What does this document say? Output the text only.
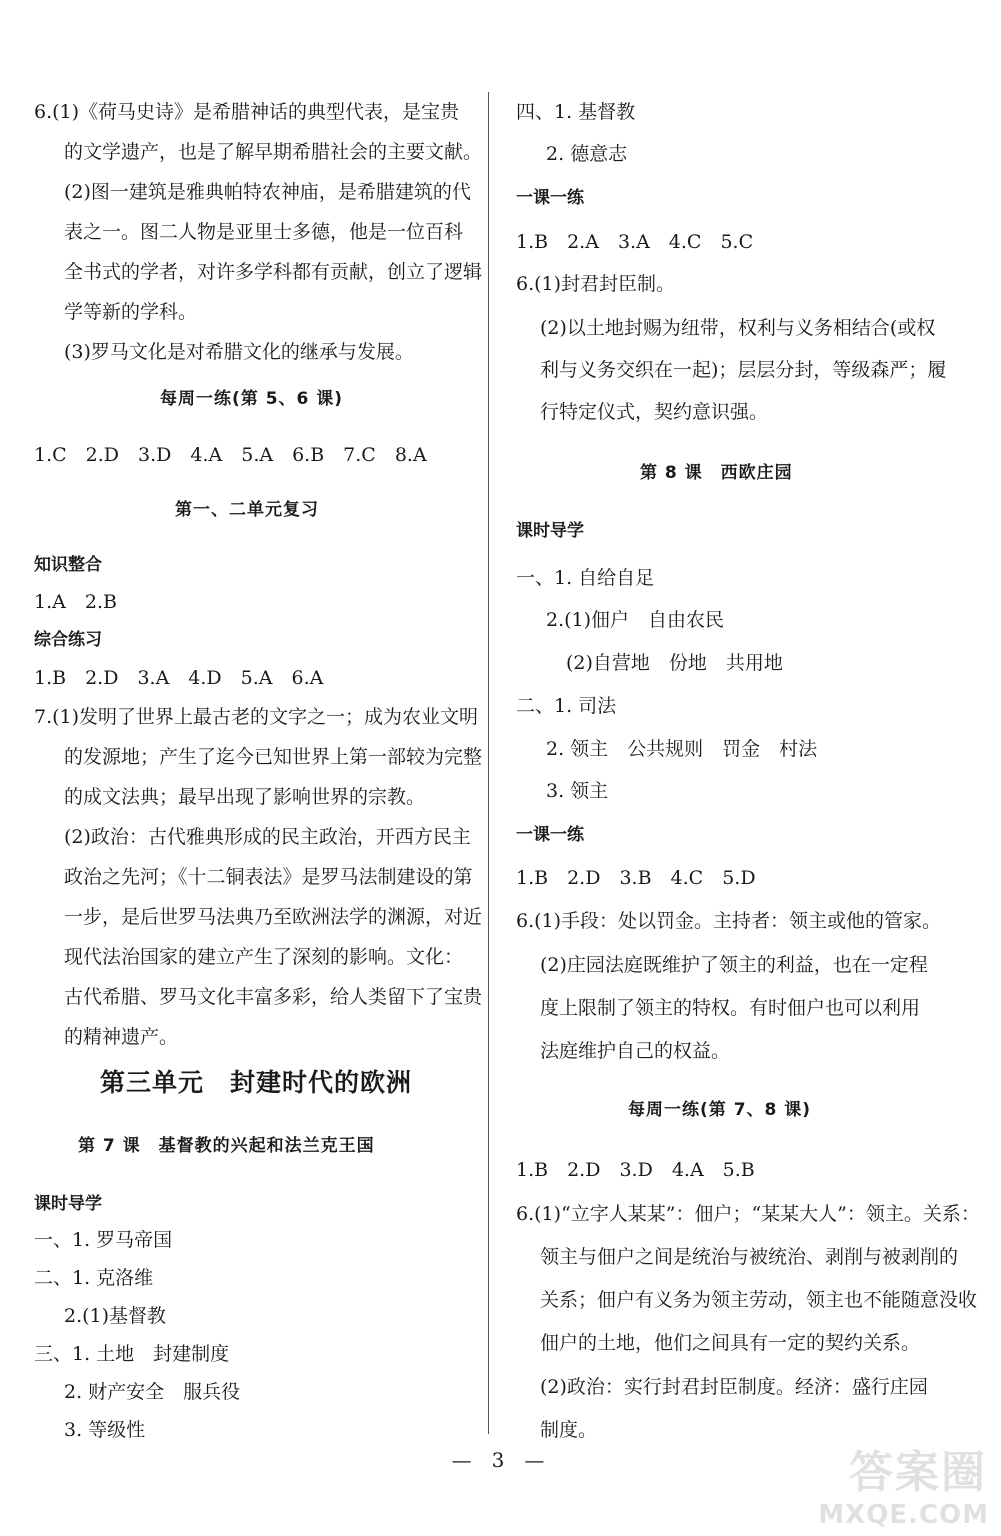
6.(1)《荷马史诗》是希腊神话的典型代表，是宝贵
的文学遗产，也是了解早期希腊社会的主要文献。
(2)图一建筑是雅典帕特农神庙，是希腊建筑的代
表之一。图二人物是亚里士多德，他是一位百科
全书式的学者，对许多学科都有贡献，创立了逻辑
学等新的学科。
(3)罗马文化是对希腊文化的继承与发展。
每周一练(第 5、6 课)
1.C　2.D　3.D　4.A　5.A　6.B　7.C　8.A
第一、二单元复习
知识整合
1.A　2.B
综合练习
1.B　2.D　3.A　4.D　5.A　6.A
7.(1)发明了世界上最古老的文字之一；成为农业文明
的发源地；产生了迄今已知世界上第一部较为完整
的成文法典；最早出现了影响世界的宗教。
(2)政治：古代雅典形成的民主政治，开西方民主
政治之先河；《十二铜表法》是罗马法制建设的第
一步，是后世罗马法典乃至欧洲法学的渊源，对近
现代法治国家的建立产生了深刻的影响。文化：
古代希腊、罗马文化丰富多彩，给人类留下了宝贵
的精神遗产。
第三单元　封建时代的欧洲
第 7 课　基督教的兴起和法兰克王国
课时导学
一、1. 罗马帝国
二、1. 克洛维
2.(1)基督教
三、1. 土地　封建制度
2. 财产安全　服兵役
3. 等级性
四、1. 基督教
2. 德意志
一课一练
1.B　2.A　3.A　4.C　5.C
6.(1)封君封臣制。
(2)以土地封赐为纽带，权利与义务相结合(或权
利与义务交织在一起)；层层分封，等级森严；履
行特定仪式，契约意识强。
第 8 课　西欧庄园
课时导学
一、1. 自给自足
2.(1)佃户　自由农民
(2)自营地　份地　共用地
二、1. 司法
2. 领主　公共规则　罚金　村法
3. 领主
一课一练
1.B　2.D　3.B　4.C　5.D
6.(1)手段：处以罚金。主持者：领主或他的管家。
(2)庄园法庭既维护了领主的利益，也在一定程
度上限制了领主的特权。有时佃户也可以利用
法庭维护自己的权益。
每周一练(第 7、8 课)
1.B　2.D　3.D　4.A　5.B
6.(1)“立字人某某”：佃户；“某某大人”：领主。关系：
领主与佃户之间是统治与被统治、剥削与被剥削的
关系；佃户有义务为领主劳动，领主也不能随意没收
佃户的土地，他们之间具有一定的契约关系。
(2)政治：实行封君封臣制度。经济：盛行庄园
制度。
—　3　—	答案圈
MXQE.COM
